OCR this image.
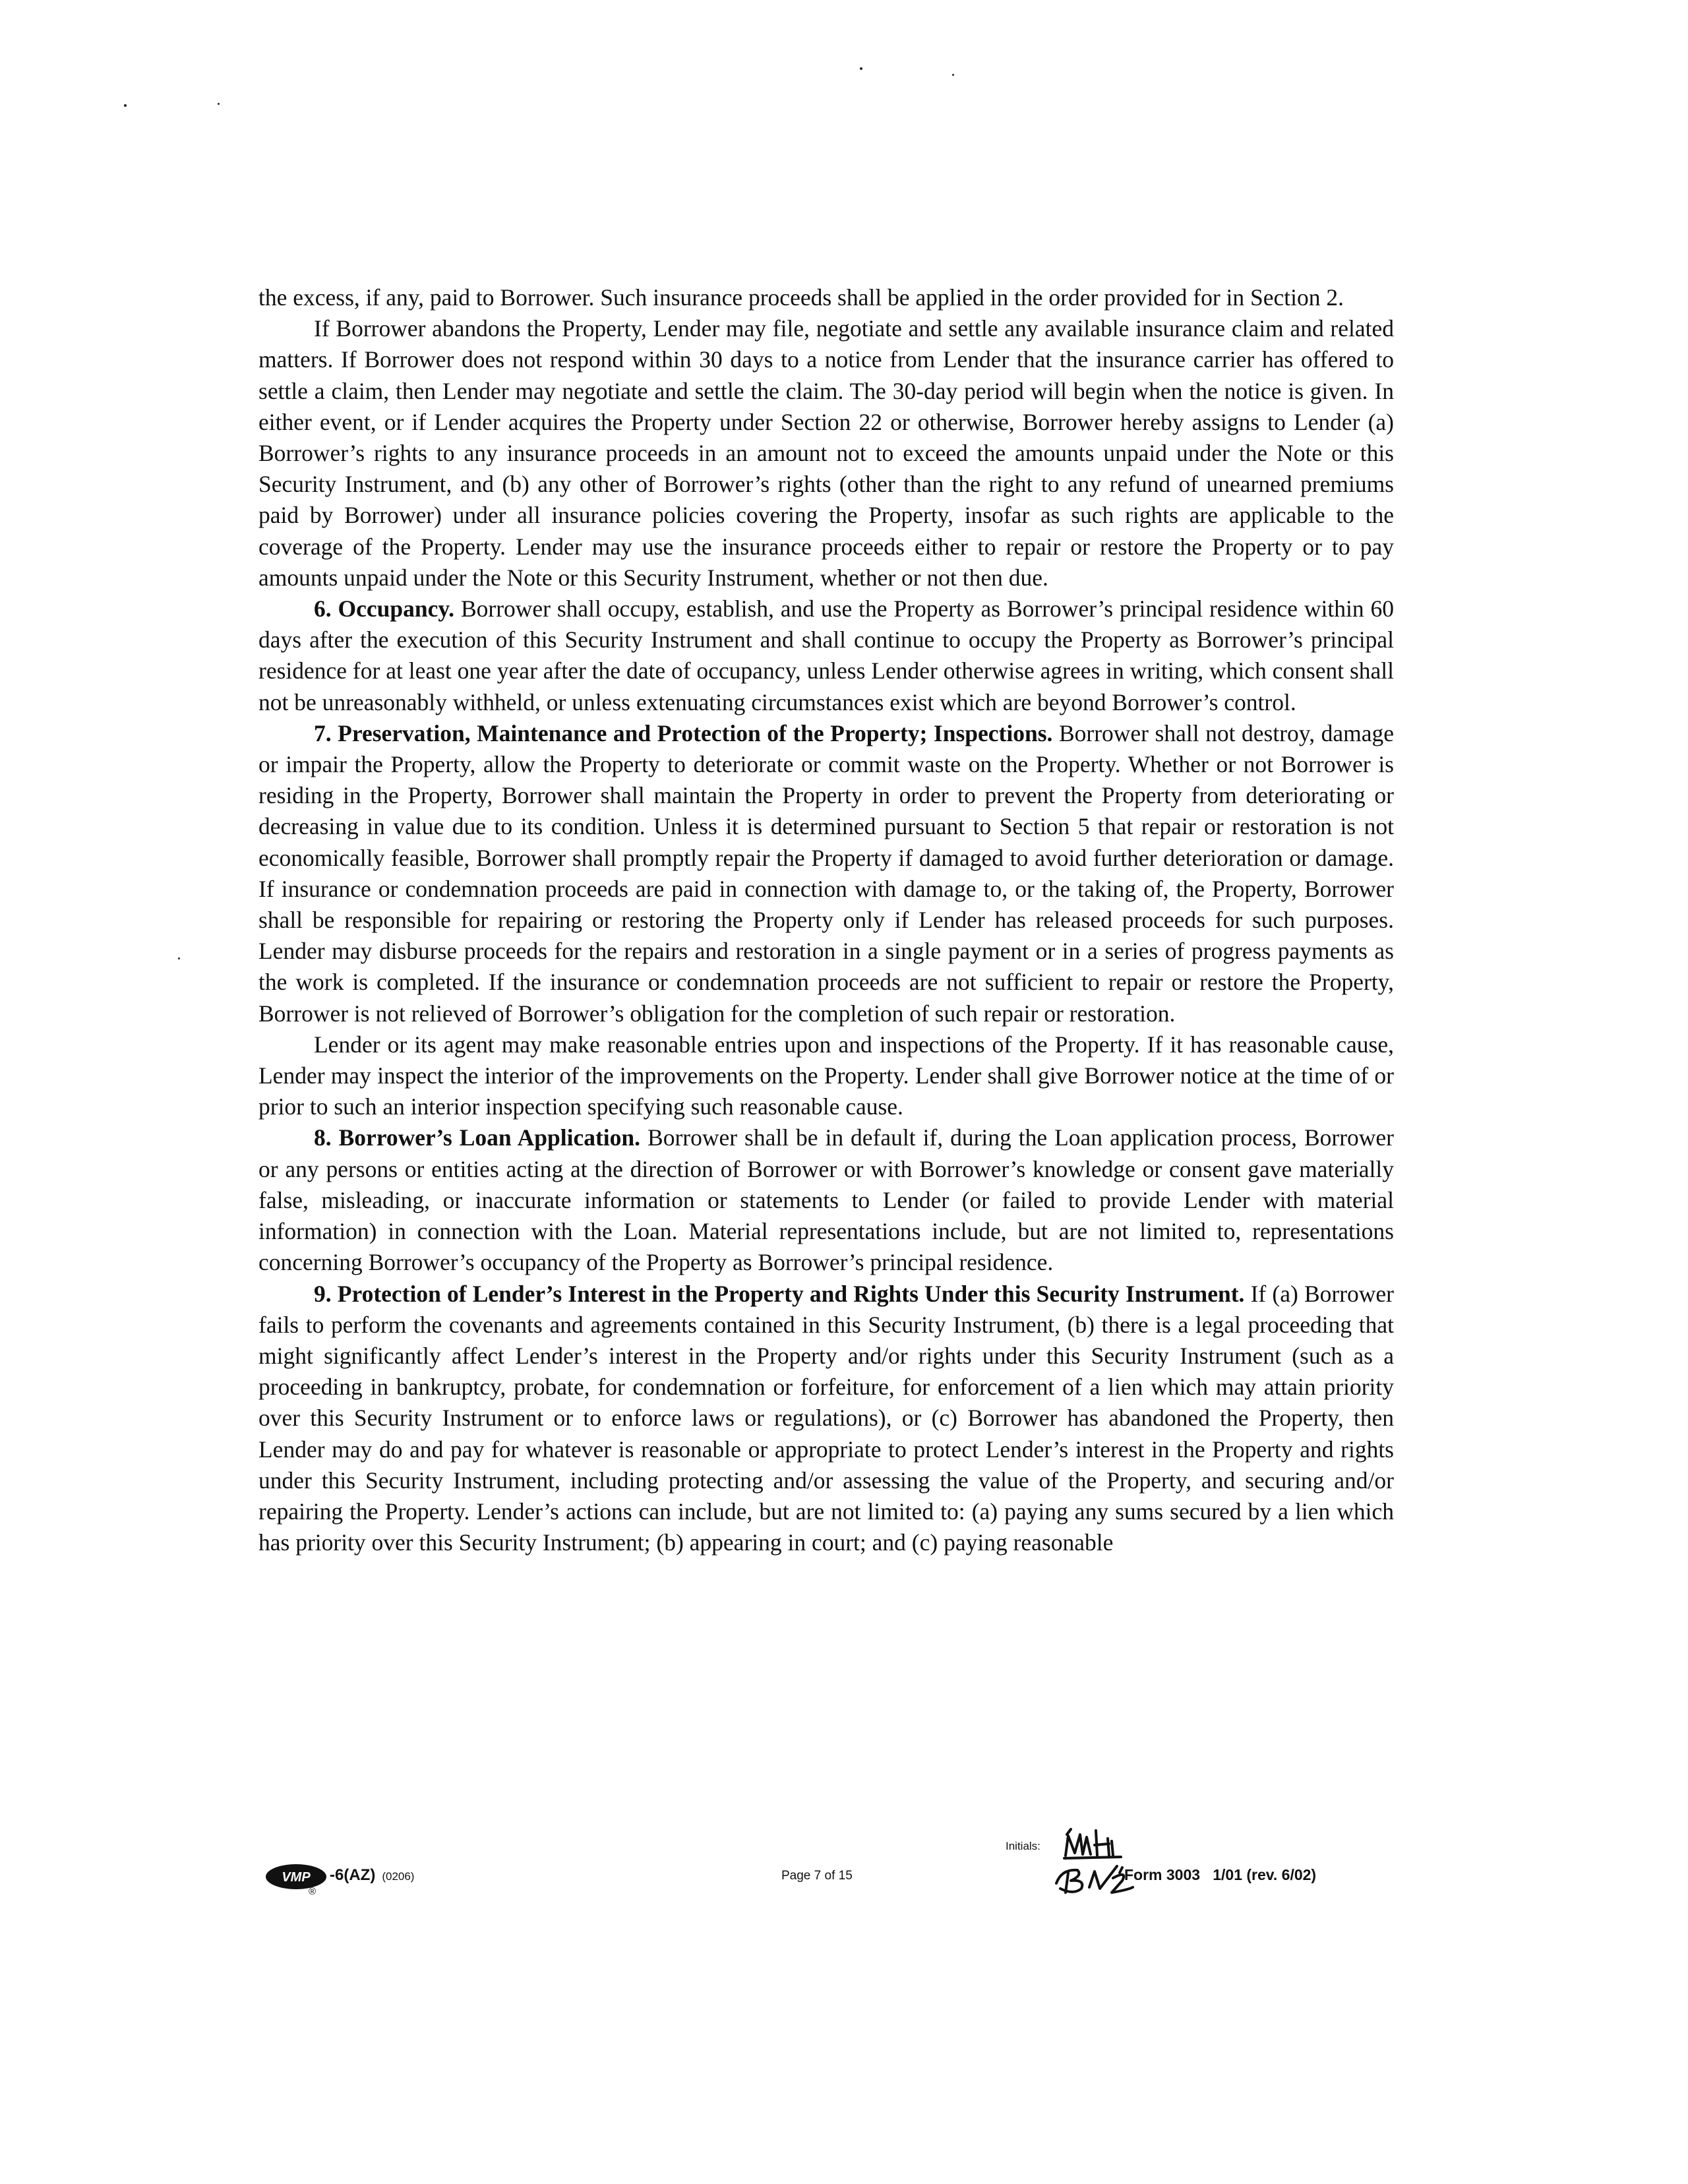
the excess, if any, paid to Borrower. Such insurance proceeds shall be applied in the order provided for in Section 2.

If Borrower abandons the Property, Lender may file, negotiate and settle any available insurance claim and related matters. If Borrower does not respond within 30 days to a notice from Lender that the insurance carrier has offered to settle a claim, then Lender may negotiate and settle the claim. The 30-day period will begin when the notice is given. In either event, or if Lender acquires the Property under Section 22 or otherwise, Borrower hereby assigns to Lender (a) Borrower’s rights to any insurance proceeds in an amount not to exceed the amounts unpaid under the Note or this Security Instrument, and (b) any other of Borrower’s rights (other than the right to any refund of unearned premiums paid by Borrower) under all insurance policies covering the Property, insofar as such rights are applicable to the coverage of the Property. Lender may use the insurance proceeds either to repair or restore the Property or to pay amounts unpaid under the Note or this Security Instrument, whether or not then due.

6. Occupancy. Borrower shall occupy, establish, and use the Property as Borrower’s principal residence within 60 days after the execution of this Security Instrument and shall continue to occupy the Property as Borrower’s principal residence for at least one year after the date of occupancy, unless Lender otherwise agrees in writing, which consent shall not be unreasonably withheld, or unless extenuating circumstances exist which are beyond Borrower’s control.

7. Preservation, Maintenance and Protection of the Property; Inspections. Borrower shall not destroy, damage or impair the Property, allow the Property to deteriorate or commit waste on the Property. Whether or not Borrower is residing in the Property, Borrower shall maintain the Property in order to prevent the Property from deteriorating or decreasing in value due to its condition. Unless it is determined pursuant to Section 5 that repair or restoration is not economically feasible, Borrower shall promptly repair the Property if damaged to avoid further deterioration or damage. If insurance or condemnation proceeds are paid in connection with damage to, or the taking of, the Property, Borrower shall be responsible for repairing or restoring the Property only if Lender has released proceeds for such purposes. Lender may disburse proceeds for the repairs and restoration in a single payment or in a series of progress payments as the work is completed. If the insurance or condemnation proceeds are not sufficient to repair or restore the Property, Borrower is not relieved of Borrower’s obligation for the completion of such repair or restoration.

Lender or its agent may make reasonable entries upon and inspections of the Property. If it has reasonable cause, Lender may inspect the interior of the improvements on the Property. Lender shall give Borrower notice at the time of or prior to such an interior inspection specifying such reasonable cause.

8. Borrower’s Loan Application. Borrower shall be in default if, during the Loan application process, Borrower or any persons or entities acting at the direction of Borrower or with Borrower’s knowledge or consent gave materially false, misleading, or inaccurate information or statements to Lender (or failed to provide Lender with material information) in connection with the Loan. Material representations include, but are not limited to, representations concerning Borrower’s occupancy of the Property as Borrower’s principal residence.

9. Protection of Lender’s Interest in the Property and Rights Under this Security Instrument. If (a) Borrower fails to perform the covenants and agreements contained in this Security Instrument, (b) there is a legal proceeding that might significantly affect Lender’s interest in the Property and/or rights under this Security Instrument (such as a proceeding in bankruptcy, probate, for condemnation or forfeiture, for enforcement of a lien which may attain priority over this Security Instrument or to enforce laws or regulations), or (c) Borrower has abandoned the Property, then Lender may do and pay for whatever is reasonable or appropriate to protect Lender’s interest in the Property and rights under this Security Instrument, including protecting and/or assessing the value of the Property, and securing and/or repairing the Property. Lender’s actions can include, but are not limited to: (a) paying any sums secured by a lien which has priority over this Security Instrument; (b) appearing in court; and (c) paying reasonable

VMP -6(AZ) (0206)
®
Page 7 of 15
Initials:
Form 3003   1/01 (rev. 6/02)
